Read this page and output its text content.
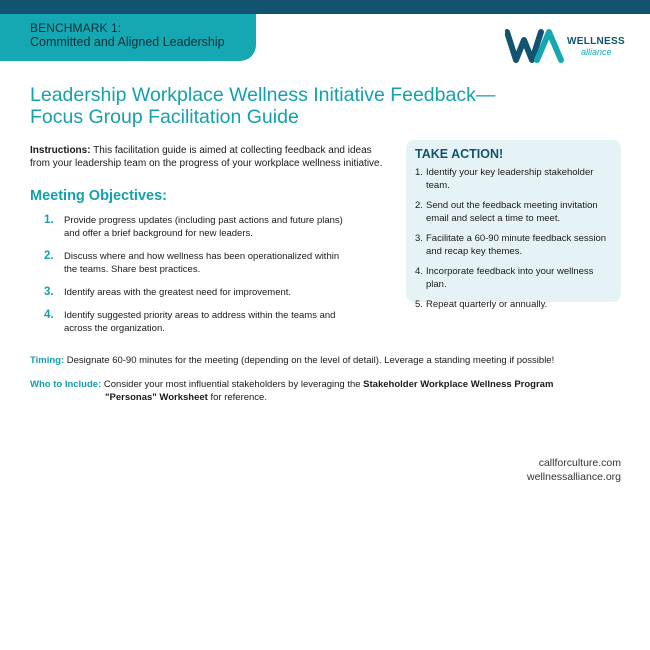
BENCHMARK 1:
Committed and Aligned Leadership	WELLNESS
alliance
Leadership Workplace Wellness Initiative Feedback—
Focus Group Facilitation Guide

Instructions: This facilitation guide is aimed at collecting feedback and ideas from your leadership team on the progress of your workplace wellness initiative.

Meeting Objectives:
1. Provide progress updates (including past actions and future plans) and offer a brief background for new leaders.
2. Discuss where and how wellness has been operationalized within the teams. Share best practices.
3. Identify areas with the greatest need for improvement.
4. Identify suggested priority areas to address within the teams and across the organization.
TAKE ACTION!
1. Identify your key leadership stakeholder team.
2. Send out the feedback meeting invitation email and select a time to meet.
3. Facilitate a 60-90 minute feedback session and recap key themes.
4. Incorporate feedback into your wellness plan.
5. Repeat quarterly or annually.

Timing: Designate 60-90 minutes for the meeting (depending on the level of detail). Leverage a standing meeting if possible!

Who to Include: Consider your most influential stakeholders by leveraging the Stakeholder Workplace Wellness Program
"Personas" Worksheet for reference.

callforculture.com
wellnessalliance.org
